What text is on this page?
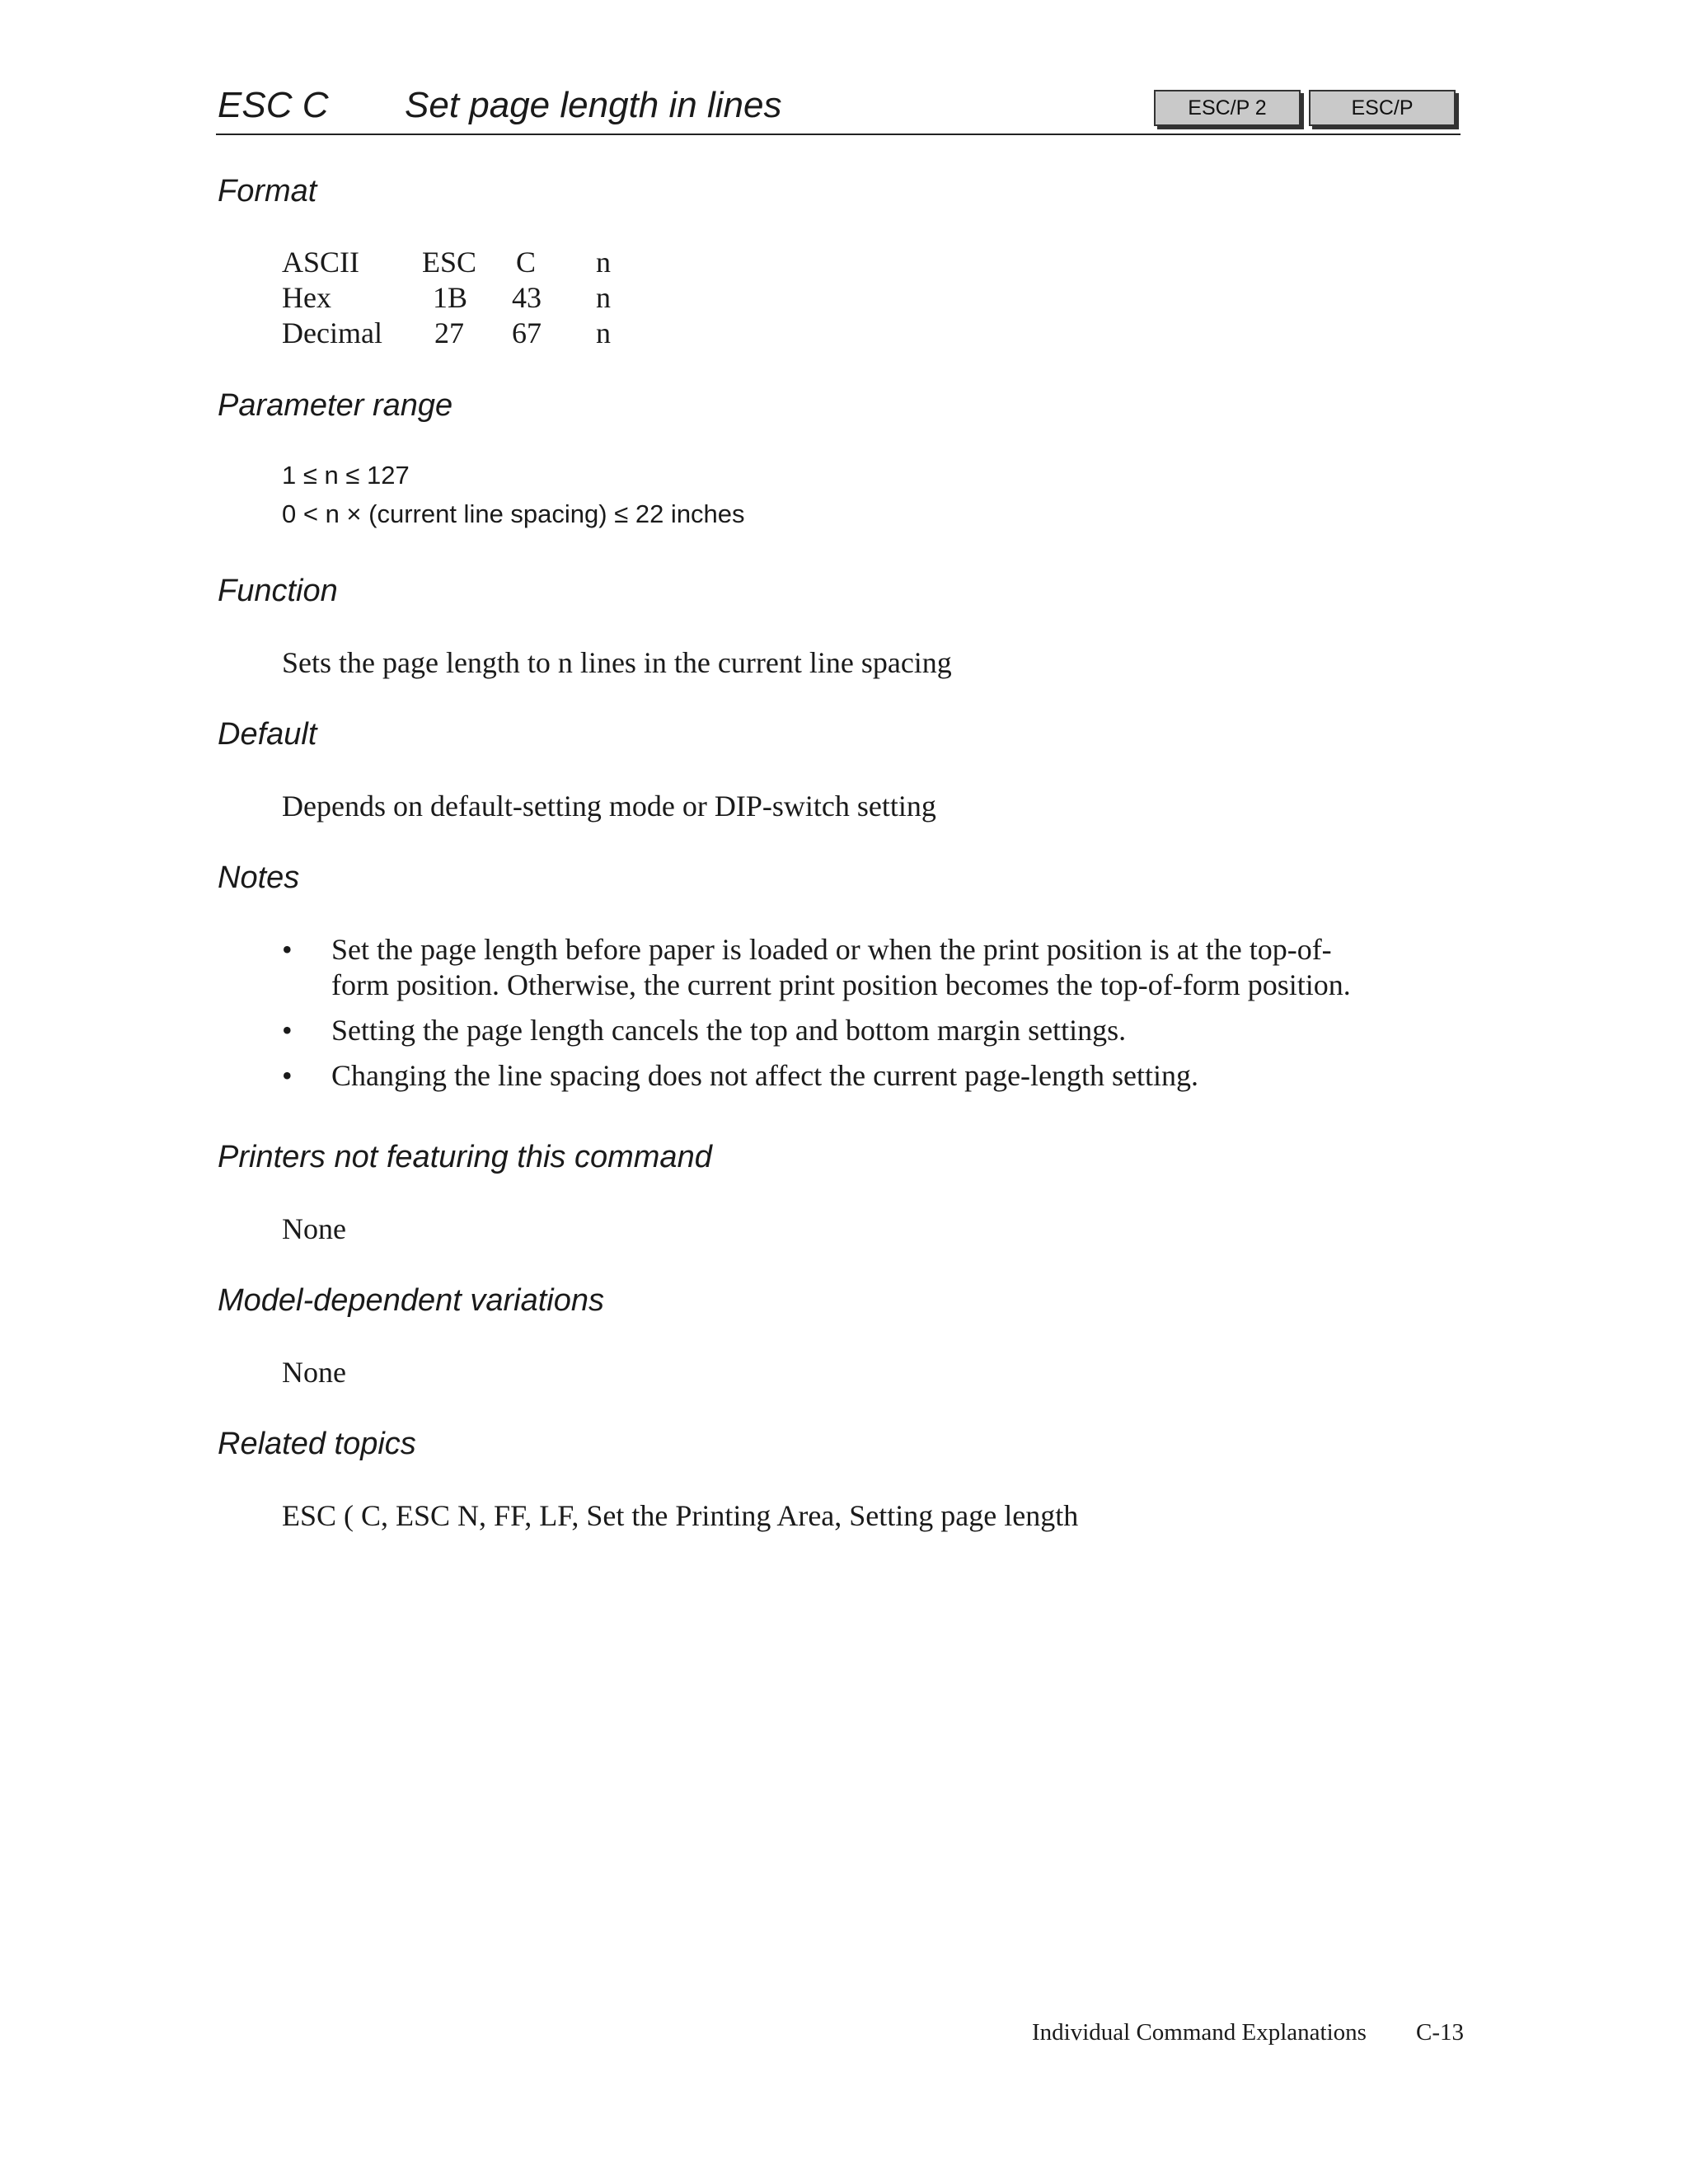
ESC C Set page length in lines	ESC/P 2	ESC/P
Format
ASCII ESC C n
Hex	1B 43 n
Decimal 27 67 n
Parameter range
1 ≤ n ≤ 127
0 < n × (current line spacing) ≤ 22 inches
Function
Sets the page length to n lines in the current line spacing
Default
Depends on default-setting mode or DIP-switch setting
Notes
• Set the page length before paper is loaded or when the print position is at the top-of-
form position. Otherwise, the current print position becomes the top-of-form position.
• Setting the page length cancels the top and bottom margin settings.
• Changing the line spacing does not affect the current page-length setting.
Printers not featuring this command
None
Model-dependent variations
None
Related topics
ESC ( C, ESC N, FF, LF, Set the Printing Area, Setting page length
Individual Command Explanations C-13
